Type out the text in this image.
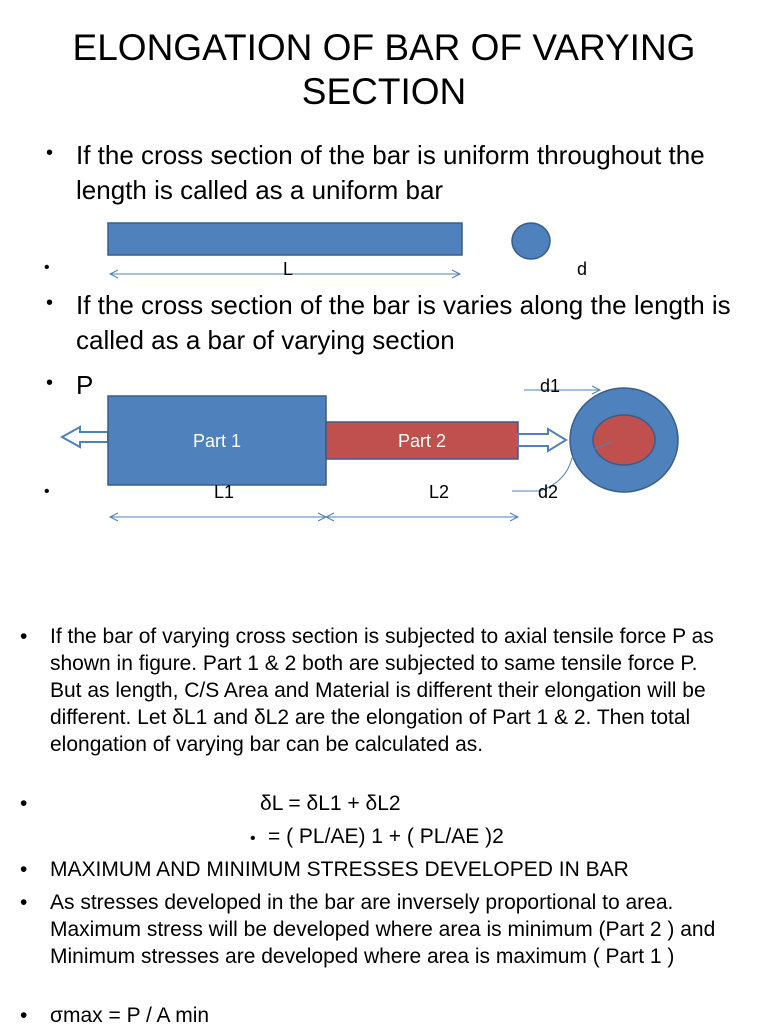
ELONGATION OF BAR OF VARYING
SECTION
• If the cross section of the bar is uniform throughout the length is called as a uniform bar
•	L	d
• If the cross section of the bar is varies along the length is called as a bar of varying section
• P
Part 1	Part 2
d1
d2
•	L1	L2
• If the bar of varying cross section is subjected to axial tensile force P as shown in figure. Part 1 & 2 both are subjected to same tensile force P. But as length, C/S Area and Material is different their elongation will be different. Let δL1 and δL2 are the elongation of Part 1 & 2. Then total elongation of varying bar can be calculated as.
•	δL = δL1 + δL2
• = ( PL/AE) 1 + ( PL/AE )2
• MAXIMUM AND MINIMUM STRESSES DEVELOPED IN BAR
• As stresses developed in the bar are inversely proportional to area. Maximum stress will be developed where area is minimum (Part 2 ) and Minimum stresses are developed where area is maximum ( Part 1 )
• σmax = P / A min
